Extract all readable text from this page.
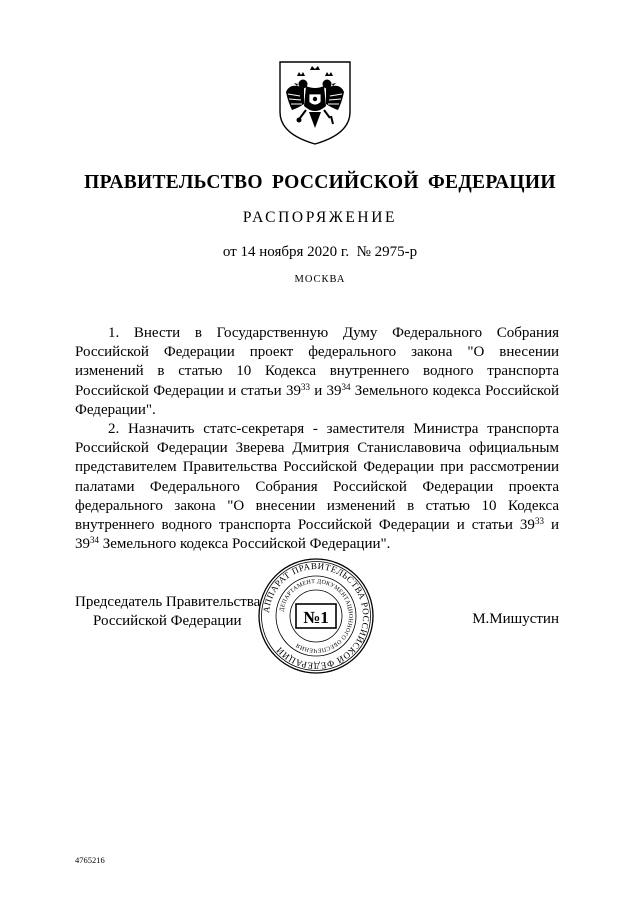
ПРАВИТЕЛЬСТВО РОССИЙСКОЙ ФЕДЕРАЦИИ
РАСПОРЯЖЕНИЕ
от 14 ноября 2020 г.  № 2975-р
МОСКВА

1. Внести в Государственную Думу Федерального Собрания Российской Федерации проект федерального закона "О внесении изменений в статью 10 Кодекса внутреннего водного транспорта Российской Федерации и статьи $39^{33}$ и $39^{34}$ Земельного кодекса Российской Федерации".

2. Назначить статс-секретаря - заместителя Министра транспорта Российской Федерации Зверева Дмитрия Станиславовича официальным представителем Правительства Российской Федерации при рассмотрении палатами Федерального Собрания Российской Федерации проекта федерального закона "О внесении изменений в статью 10 Кодекса внутреннего водного транспорта Российской Федерации и статьи $39^{33}$ и $39^{34}$ Земельного кодекса Российской Федерации".

Председатель Правительства
Российской Федерации	М.Мишустин
АППАРАТ ПРАВИТЕЛЬСТВА РОССИЙСКОЙ ФЕДЕРАЦИИ
ДЕПАРТАМЕНТ ДОКУМЕНТАЦИОННОГО ОБЕСПЕЧЕНИЯ
№1
4765216
